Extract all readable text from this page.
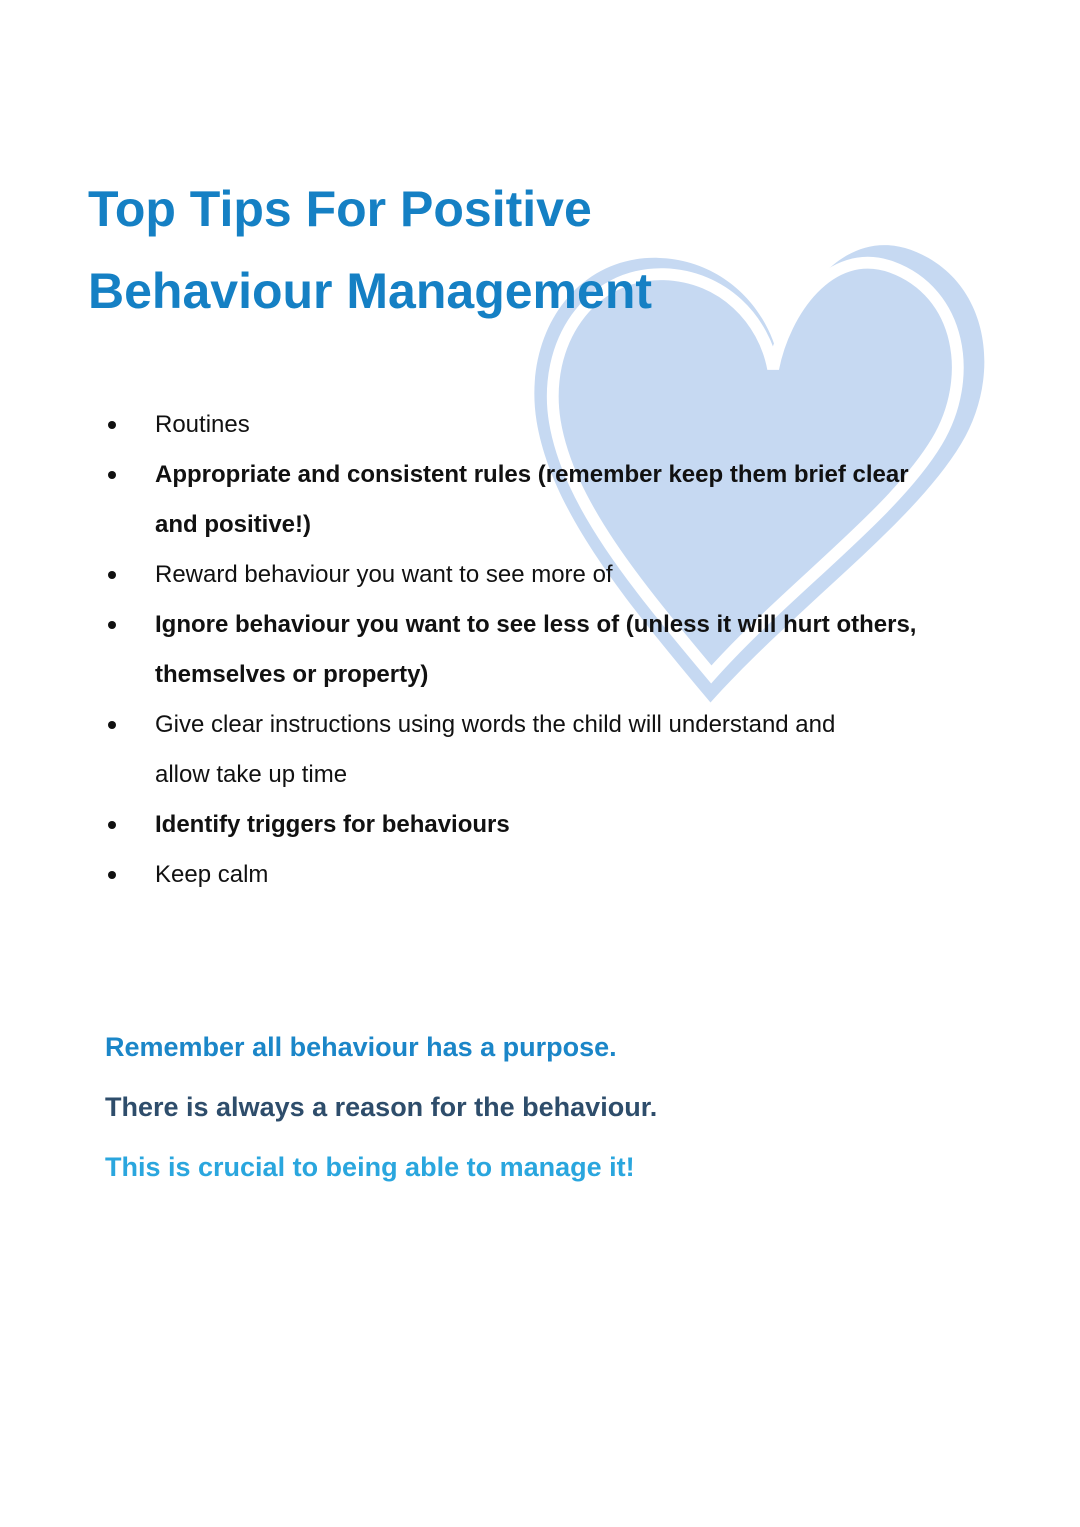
Top Tips For Positive
Behaviour Management
Routines
Appropriate and consistent rules (remember keep them brief clear
and positive!)
Reward behaviour you want to see more of
Ignore behaviour you want to see less of (unless it will hurt others,
themselves or property)
Give clear instructions using words the child will understand and
allow take up time
Identify triggers for behaviours
Keep calm

Remember all behaviour has a purpose.

There is always a reason for the behaviour.

This is crucial to being able to manage it!
